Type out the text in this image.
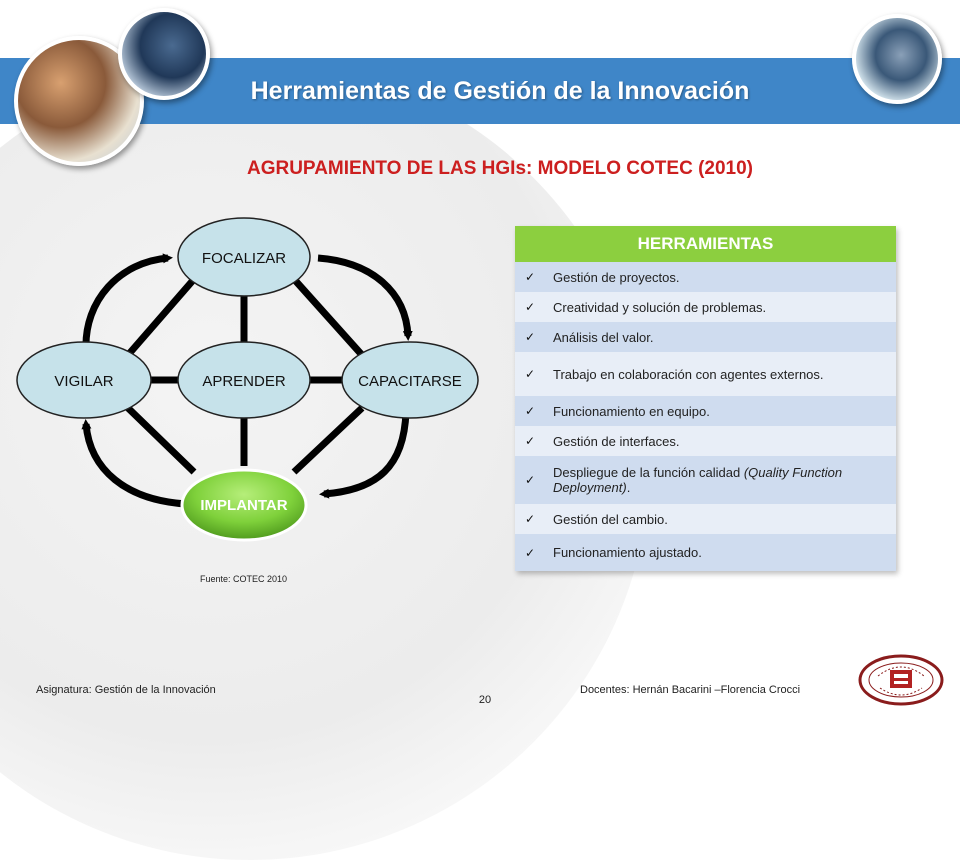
Herramientas de Gestión de la Innovación
AGRUPAMIENTO DE LAS HGIs: MODELO COTEC (2010)
FOCALIZAR
VIGILAR	APRENDER	CAPACITARSE
IMPLANTAR
Fuente: COTEC 2010
HERRAMIENTAS
✓ Gestión de proyectos.
✓ Creatividad y solución de problemas.
✓ Análisis del valor.
✓ Trabajo en colaboración con agentes externos.
✓ Funcionamiento en equipo.
✓ Gestión de interfaces.
✓ Despliegue de la función calidad (Quality Function Deployment).
✓ Gestión del cambio.
✓ Funcionamiento ajustado.
Asignatura: Gestión de la Innovación
20
Docentes: Hernán Bacarini –Florencia Crocci
